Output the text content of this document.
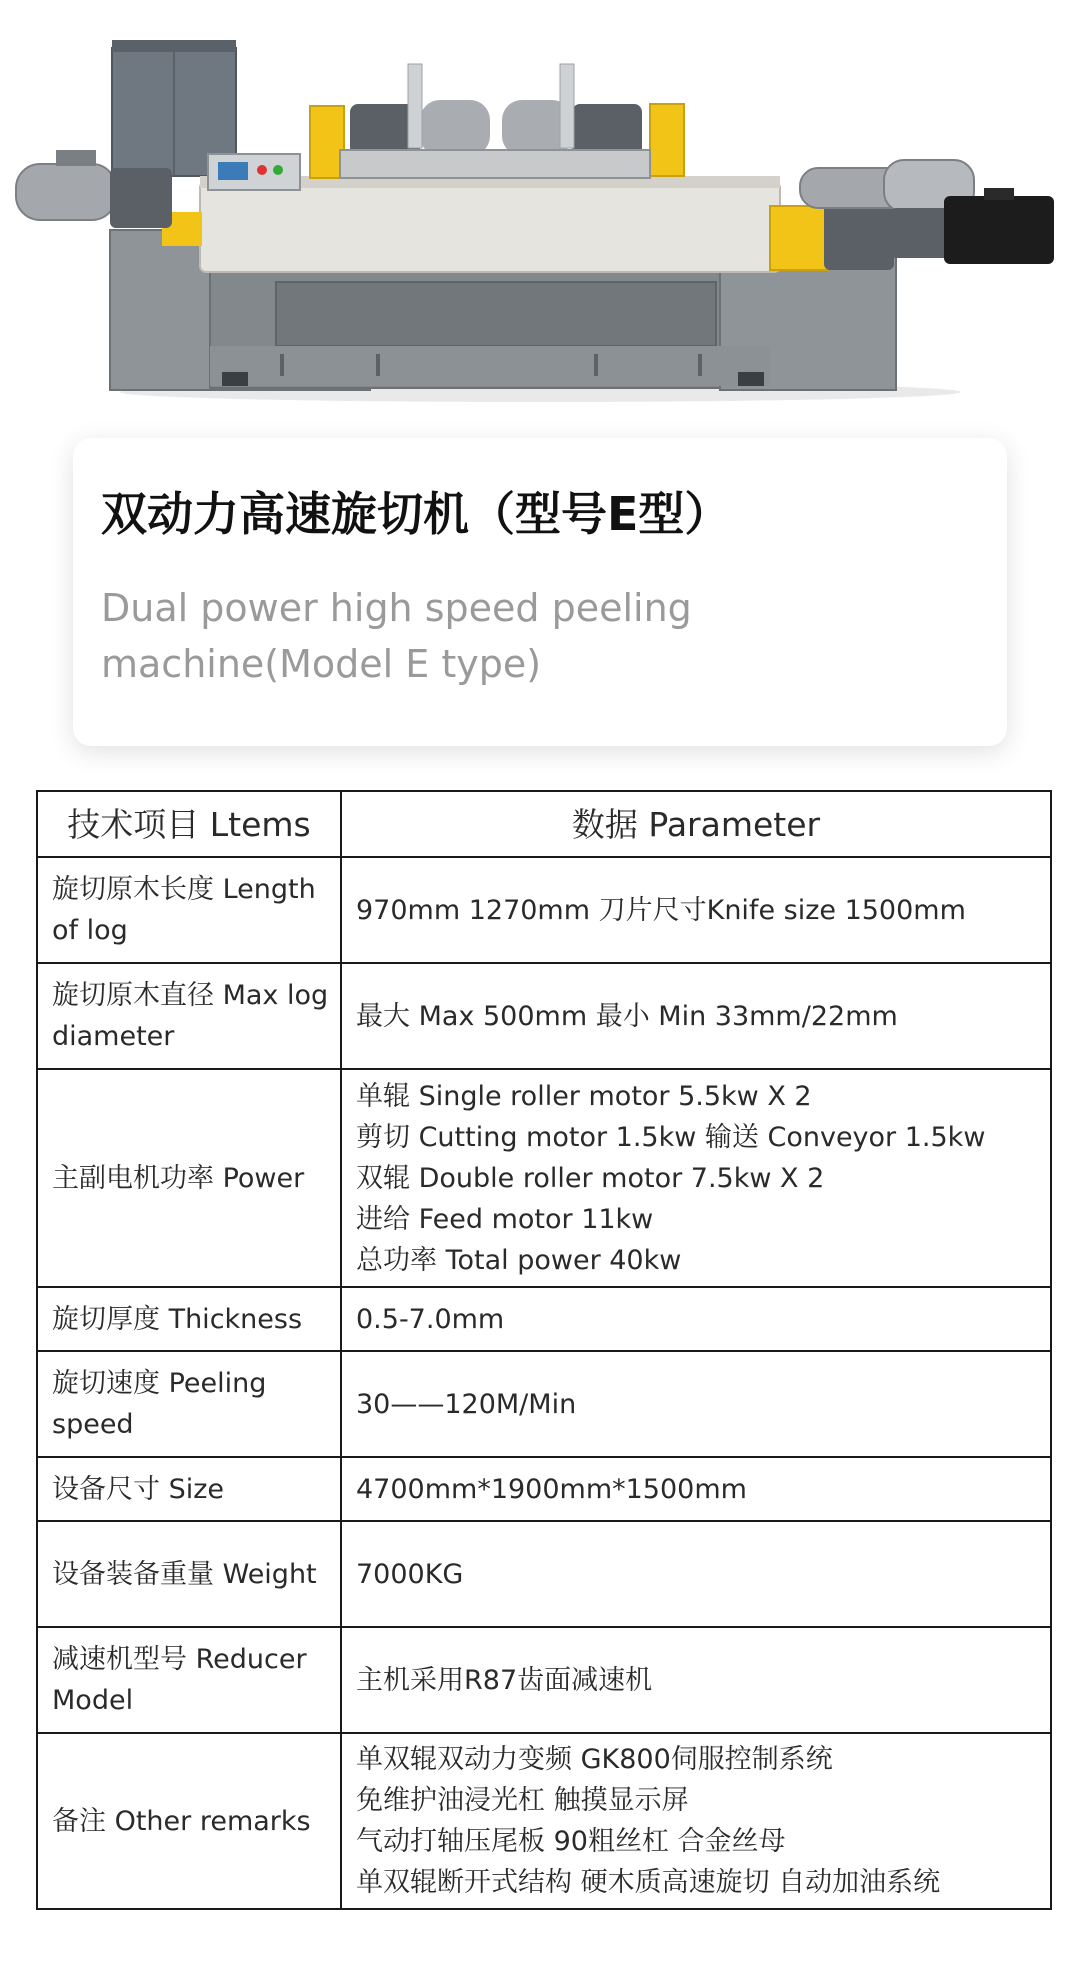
双动力高速旋切机（型号E型）

Dual power high speed peeling machine(Model E type)

技术项目 Ltems	数据 Parameter
旋切原木长度 Length of log	970mm 1270mm 刀片尺寸Knife size 1500mm

旋切原木直径 Max log diameter	最大 Max 500mm 最小 Min 33mm/22mm

主副电机功率 Power	单辊 Single roller motor 5.5kw X 2
剪切 Cutting motor 1.5kw 输送 Conveyor 1.5kw
双辊 Double roller motor 7.5kw X 2
进给 Feed motor 11kw
总功率 Total power 40kw

旋切厚度 Thickness	0.5-7.0mm

旋切速度 Peeling speed	30——120M/Min

设备尺寸 Size	4700mm*1900mm*1500mm

设备装备重量 Weight	7000KG

减速机型号 Reducer Model	主机采用R87齿面减速机

备注 Other remarks	单双辊双动力变频 GK800伺服控制系统
免维护油浸光杠 触摸显示屏
气动打轴压尾板 90粗丝杠 合金丝母
单双辊断开式结构 硬木质高速旋切 自动加油系统
